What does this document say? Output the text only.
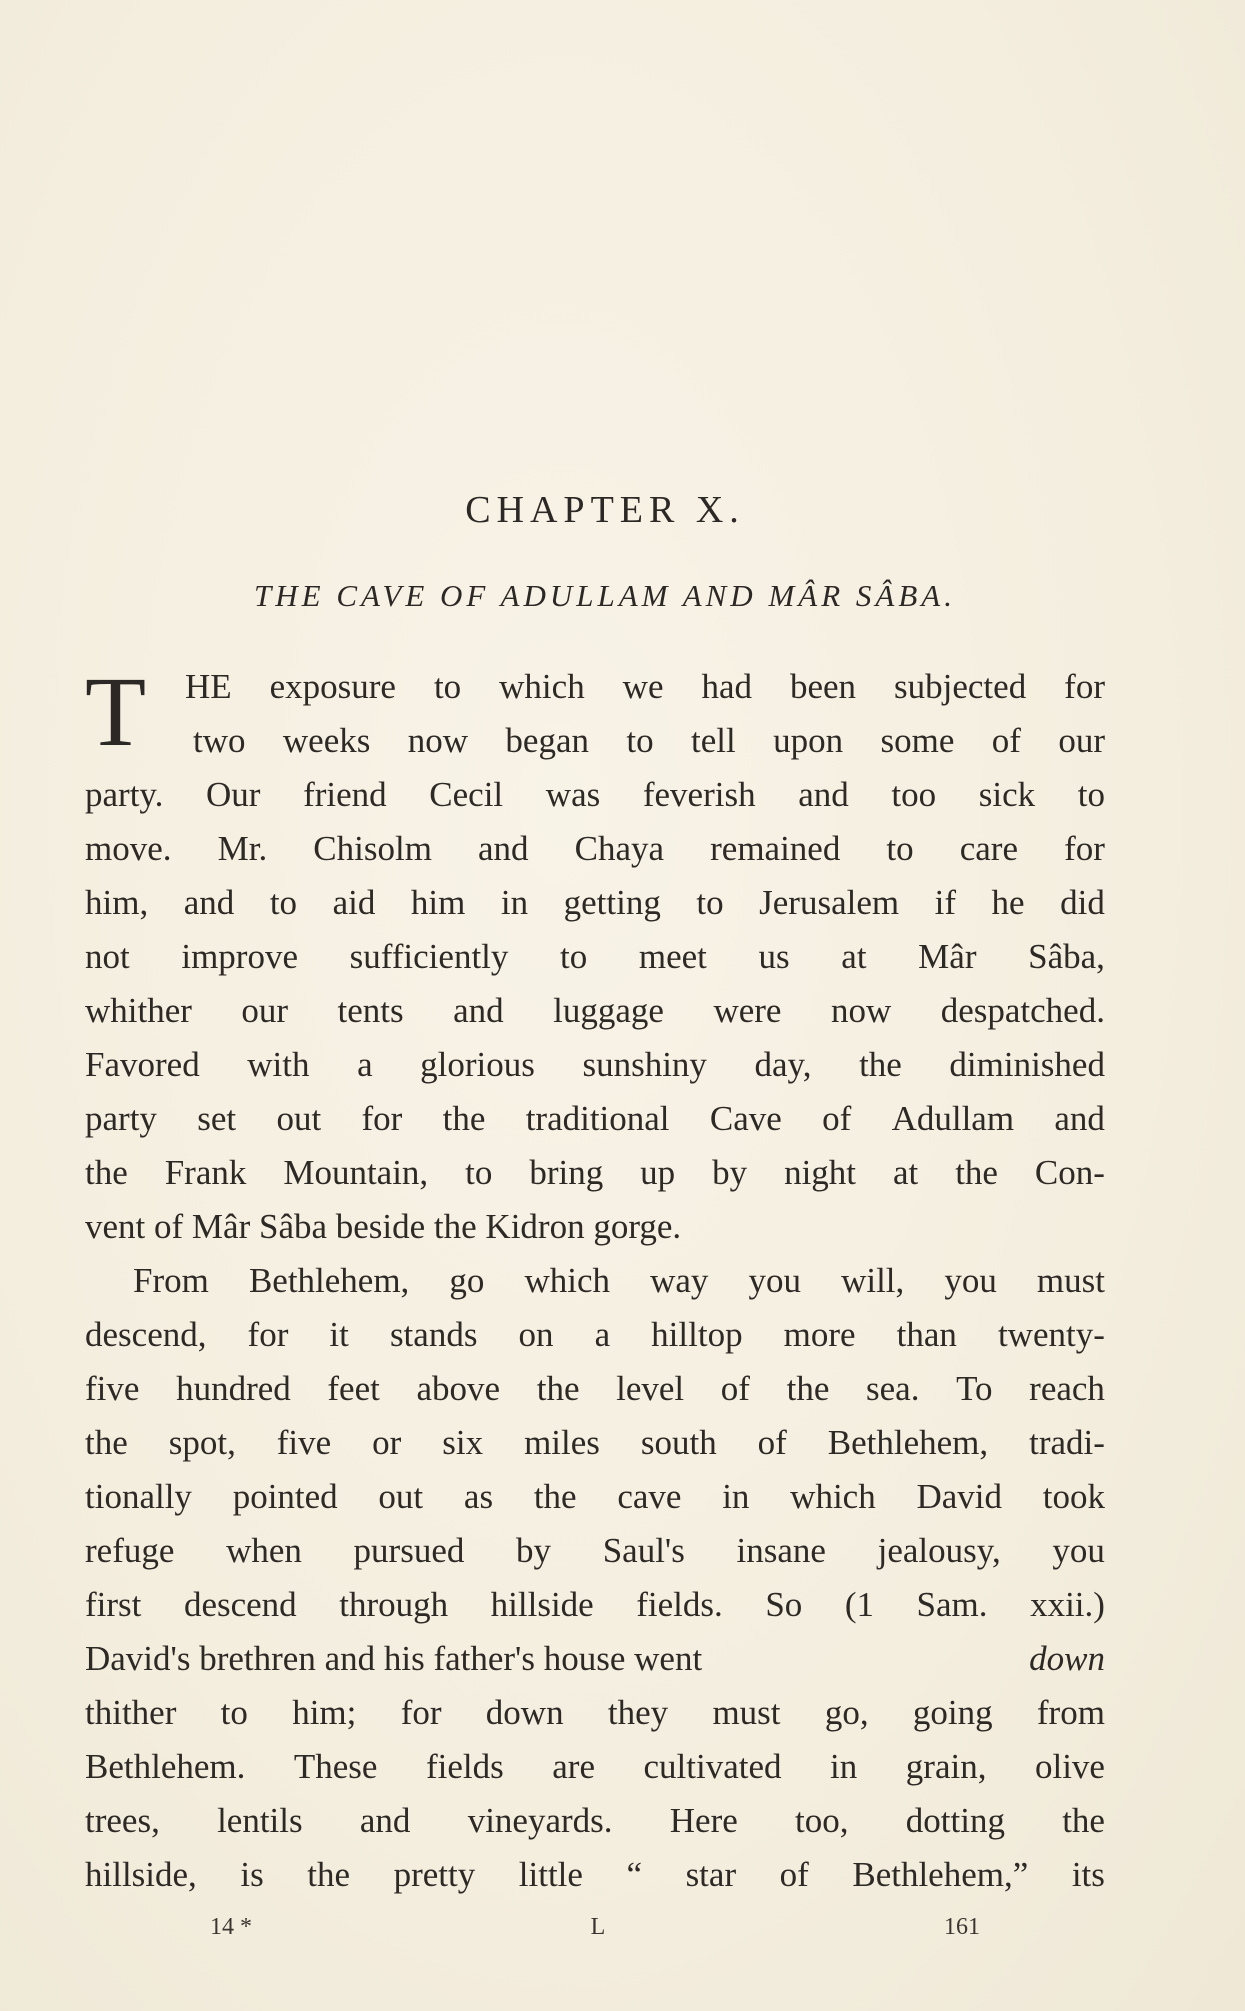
CHAPTER X.
THE CAVE OF ADULLAM AND MÂR SÂBA.
T HE exposure to which we had been subjected for
two weeks now began to tell upon some of our
party. Our friend Cecil was feverish and too sick to
move. Mr. Chisolm and Chaya remained to care for
him, and to aid him in getting to Jerusalem if he did
not improve sufficiently to meet us at Mâr Sâba,
whither our tents and luggage were now despatched.
Favored with a glorious sunshiny day, the diminished
party set out for the traditional Cave of Adullam and
the Frank Mountain, to bring up by night at the Con-
vent of Mâr Sâba beside the Kidron gorge.
From Bethlehem, go which way you will, you must
descend, for it stands on a hilltop more than twenty-
five hundred feet above the level of the sea. To reach
the spot, five or six miles south of Bethlehem, tradi-
tionally pointed out as the cave in which David took
refuge when pursued by Saul's insane jealousy, you
first descend through hillside fields. So (1 Sam. xxii.)
David's brethren and his father's house went	down
thither to him; for down they must go, going from
Bethlehem. These fields are cultivated in grain, olive
trees, lentils and vineyards. Here too, dotting the
hillside, is the pretty little “ star of Bethlehem,” its
14 *	L	161
